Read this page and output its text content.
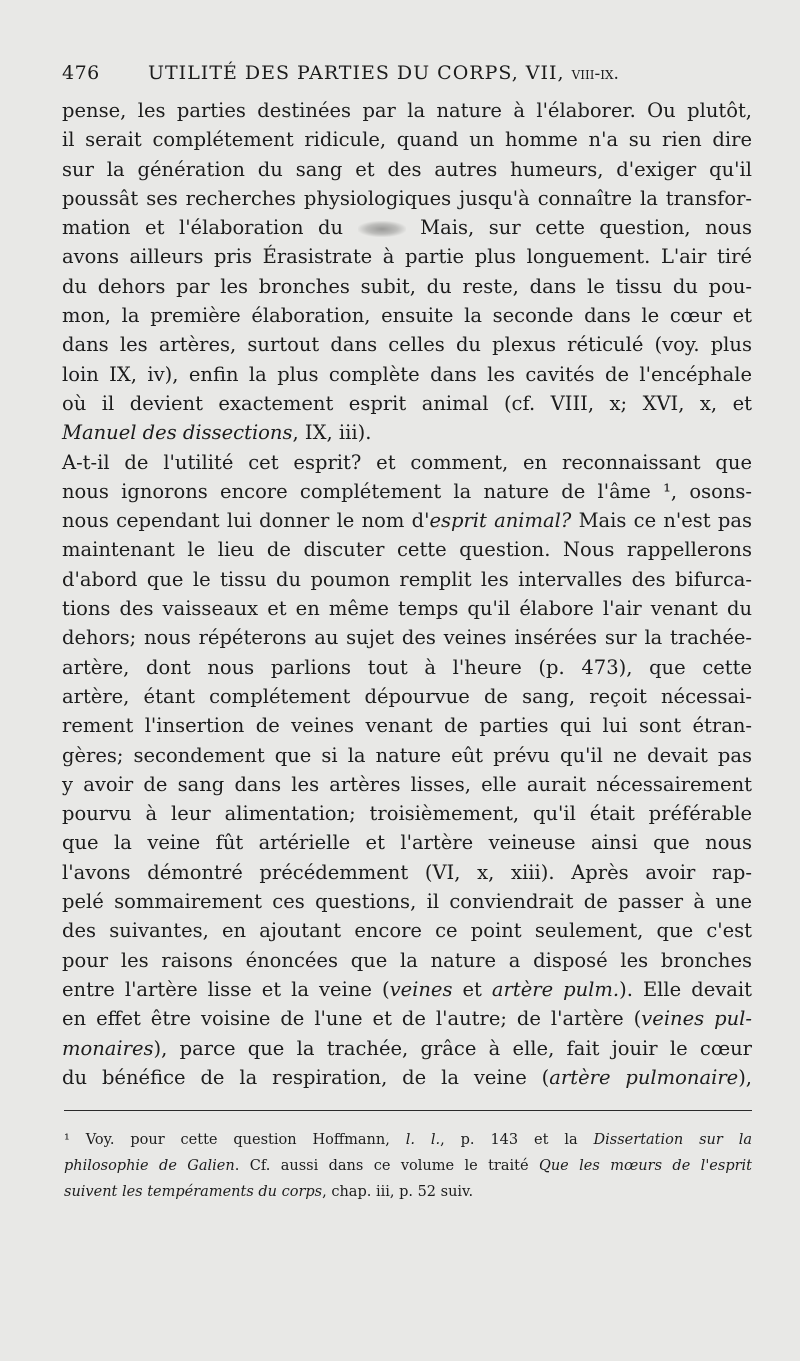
476	UTILITÉ DES PARTIES DU CORPS, VII, viii-ix.
pense, les parties destinées par la nature à l'élaborer. Ou plutôt,
il serait complétement ridicule, quand un homme n'a su rien dire
sur la génération du sang et des autres humeurs, d'exiger qu'il
poussât ses recherches physiologiques jusqu'à connaître la transfor-
mation et l'élaboration du  Mais, sur cette question, nous
avons ailleurs pris Érasistrate à partie plus longuement. L'air tiré
du dehors par les bronches subit, du reste, dans le tissu du pou-
mon, la première élaboration, ensuite la seconde dans le cœur et
dans les artères, surtout dans celles du plexus réticulé (voy. plus
loin IX, iv), enfin la plus complète dans les cavités de l'encéphale
où il devient exactement esprit animal (cf. VIII, x; XVI, x, et
Manuel des dissections, IX, iii).
A-t-il de l'utilité cet esprit? et comment, en reconnaissant que
nous ignorons encore complétement la nature de l'âme ¹, osons-
nous cependant lui donner le nom d'esprit animal? Mais ce n'est pas
maintenant le lieu de discuter cette question. Nous rappellerons
d'abord que le tissu du poumon remplit les intervalles des bifurca-
tions des vaisseaux et en même temps qu'il élabore l'air venant du
dehors; nous répéterons au sujet des veines insérées sur la trachée-
artère, dont nous parlions tout à l'heure (p. 473), que cette
artère, étant complétement dépourvue de sang, reçoit nécessai-
rement l'insertion de veines venant de parties qui lui sont étran-
gères; secondement que si la nature eût prévu qu'il ne devait pas
y avoir de sang dans les artères lisses, elle aurait nécessairement
pourvu à leur alimentation; troisièmement, qu'il était préférable
que la veine fût artérielle et l'artère veineuse ainsi que nous
l'avons démontré précédemment (VI, x, xiii). Après avoir rap-
pelé sommairement ces questions, il conviendrait de passer à une
des suivantes, en ajoutant encore ce point seulement, que c'est
pour les raisons énoncées que la nature a disposé les bronches
entre l'artère lisse et la veine (veines et artère pulm.). Elle devait
en effet être voisine de l'une et de l'autre; de l'artère (veines pul-
monaires), parce que la trachée, grâce à elle, fait jouir le cœur
du bénéfice de la respiration, de la veine (artère pulmonaire),
¹ Voy. pour cette question Hoffmann, l. l., p. 143 et la Dissertation sur la
philosophie de Galien. Cf. aussi dans ce volume le traité Que les mœurs de l'esprit
suivent les tempéraments du corps, chap. iii, p. 52 suiv.
